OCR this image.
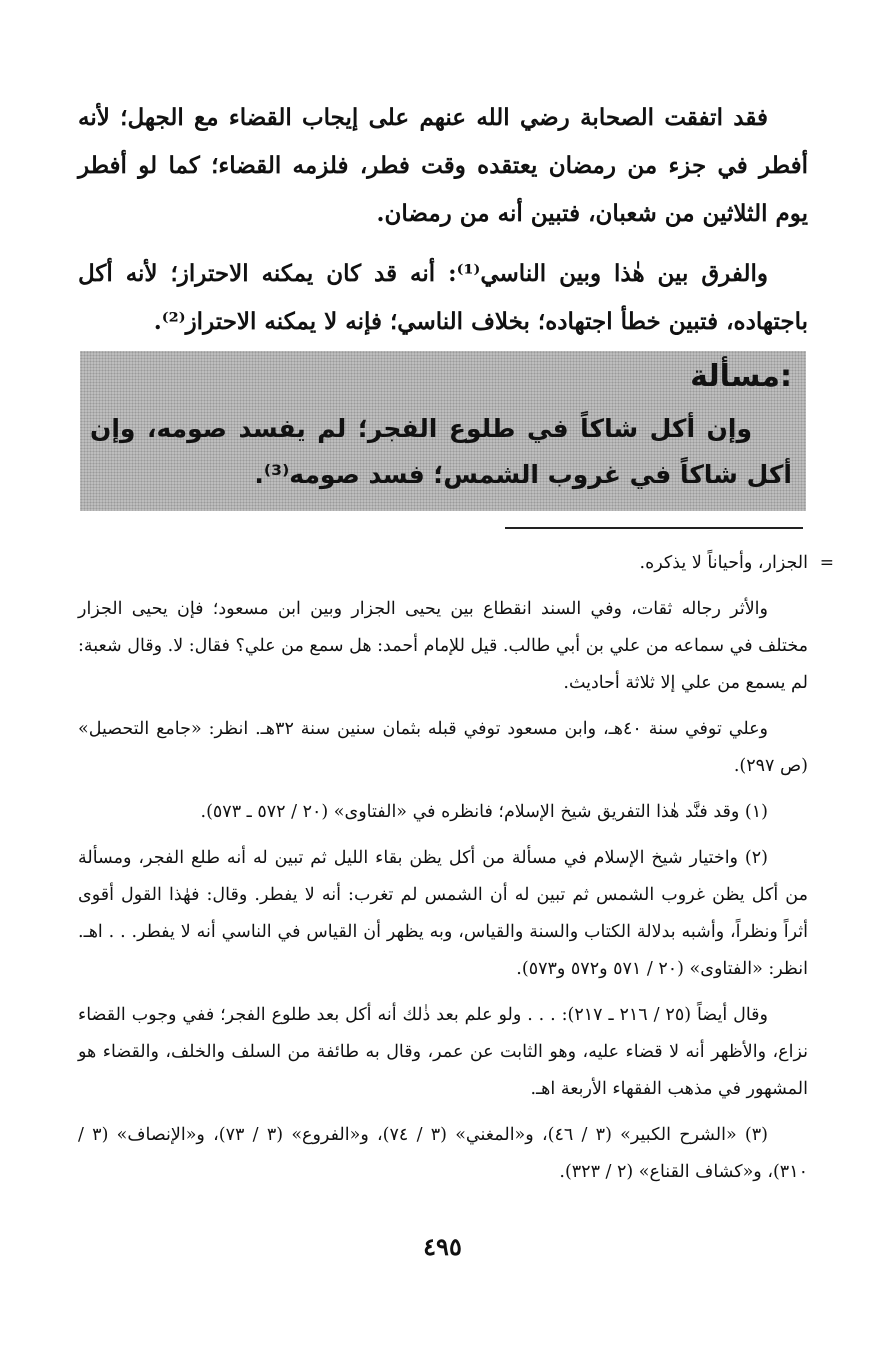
فقد اتفقت الصحابة رضي الله عنهم على إيجاب القضاء مع الجهل؛ لأنه أفطر في جزء من رمضان يعتقده وقت فطر، فلزمه القضاء؛ كما لو أفطر يوم الثلاثين من شعبان، فتبين أنه من رمضان.
والفرق بين هٰذا وبين الناسي⁽¹⁾: أنه قد كان يمكنه الاحتراز؛ لأنه أكل باجتهاده، فتبين خطأ اجتهاده؛ بخلاف الناسي؛ فإنه لا يمكنه الاحتراز⁽²⁾.
مسألة:
وإن أكل شاكاً في طلوع الفجر؛ لم يفسد صومه، وإن أكل شاكاً في غروب الشمس؛ فسد صومه⁽³⁾.

=
الجزار، وأحياناً لا يذكره.

والأثر رجاله ثقات، وفي السند انقطاع بين يحيى الجزار وبين ابن مسعود؛ فإن يحيى الجزار مختلف في سماعه من علي بن أبي طالب. قيل للإمام أحمد: هل سمع من علي؟ فقال: لا. وقال شعبة: لم يسمع من علي إلا ثلاثة أحاديث.

وعلي توفي سنة ٤٠هـ، وابن مسعود توفي قبله بثمان سنين سنة ٣٢هـ. انظر: «جامع التحصيل» (ص ٢٩٧).

(١) وقد فنَّد هٰذا التفريق شيخ الإسلام؛ فانظره في «الفتاوى» (٢٠ / ٥٧٢ ـ ٥٧٣).

(٢) واختيار شيخ الإسلام في مسألة من أكل يظن بقاء الليل ثم تبين له أنه طلع الفجر، ومسألة من أكل يظن غروب الشمس ثم تبين له أن الشمس لم تغرب: أنه لا يفطر. وقال: فهٰذا القول أقوى أثراً ونظراً، وأشبه بدلالة الكتاب والسنة والقياس، وبه يظهر أن القياس في الناسي أنه لا يفطر. . . اهـ. انظر: «الفتاوى» (٢٠ / ٥٧١ و٥٧٢ و٥٧٣).

وقال أيضاً (٢٥ / ٢١٦ ـ ٢١٧): . . . ولو علم بعد ذٰلك أنه أكل بعد طلوع الفجر؛ ففي وجوب القضاء نزاع، والأظهر أنه لا قضاء عليه، وهو الثابت عن عمر، وقال به طائفة من السلف والخلف، والقضاء هو المشهور في مذهب الفقهاء الأربعة اهـ.

(٣) «الشرح الكبير» (٣ / ٤٦)، و«المغني» (٣ / ٧٤)، و«الفروع» (٣ / ٧٣)، و«الإنصاف» (٣ / ٣١٠)، و«كشاف القناع» (٢ / ٣٢٣).

٤٩٥
